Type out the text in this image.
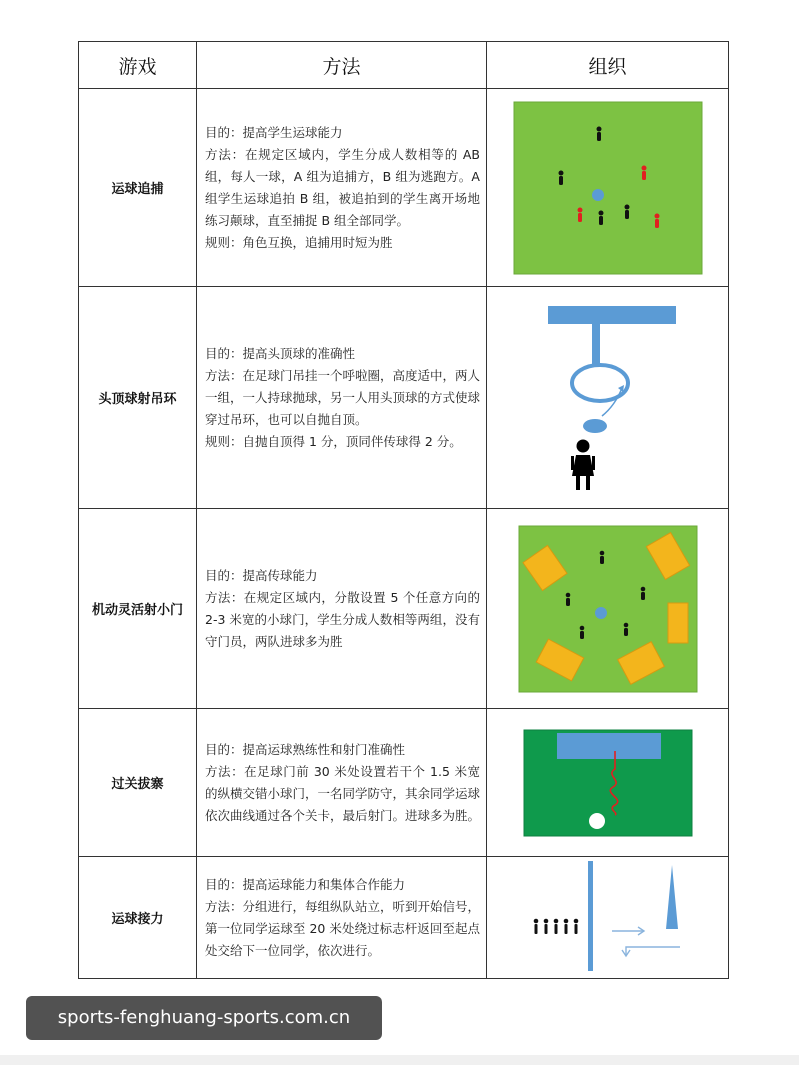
游戏	方法	组织
运球追捕	目的：提高学生运球能力
方法：在规定区域内，学生分成人数相等的 AB 组，每人一球，A 组为追捕方，B 组为逃跑方。A 组学生运球追拍 B 组，被追拍到的学生离开场地练习颠球，直至捕捉 B 组全部同学。
规则：角色互换，追捕用时短为胜

头顶球射吊环	目的：提高头顶球的准确性
方法：在足球门吊挂一个呼啦圈，高度适中，两人一组，一人持球抛球，另一人用头顶球的方式使球穿过吊环，也可以自抛自顶。
规则：自抛自顶得 1 分，顶同伴传球得 2 分。

机动灵活射小门	目的：提高传球能力
方法：在规定区域内，分散设置 5 个任意方向的 2-3 米宽的小球门，学生分成人数相等两组，没有守门员，两队进球多为胜

过关拔寨	目的：提高运球熟练性和射门准确性
方法：在足球门前 30 米处设置若干个 1.5 米宽的纵横交错小球门，一名同学防守，其余同学运球依次曲线通过各个关卡，最后射门。进球多为胜。

运球接力	目的：提高运球能力和集体合作能力
方法：分组进行，每组纵队站立，听到开始信号，第一位同学运球至 20 米处绕过标志杆返回至起点处交给下一位同学，依次进行。

sports-fenghuang-sports.com.cn
